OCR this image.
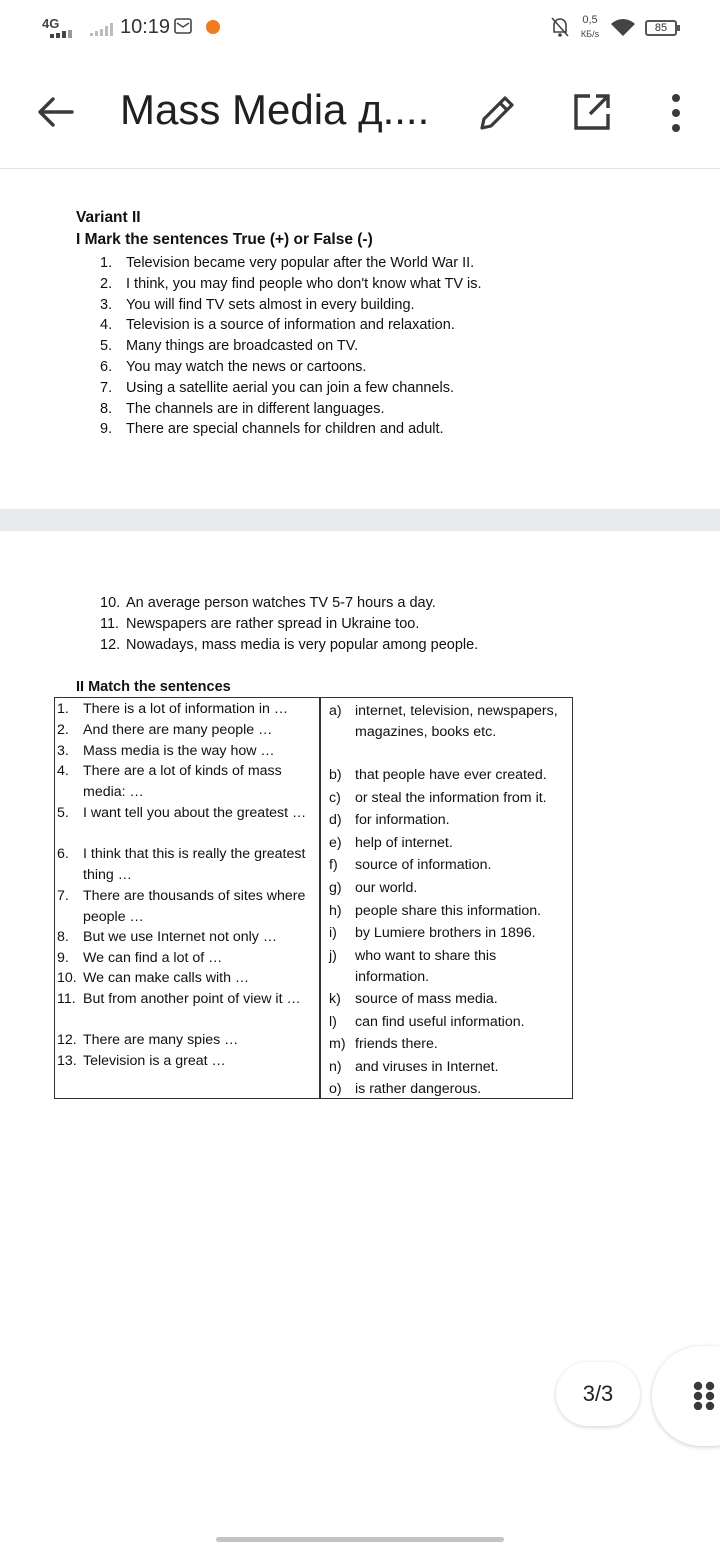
4G	10:19	0,5
КБ/s	85
Mass Media д....
Variant II
I Mark the sentences True (+) or False (-)
1. Television became very popular after the World War II.
2. I think, you may find people who don't know what TV is.
3. You will find TV sets almost in every building.
4. Television is a source of information and relaxation.
5. Many things are broadcasted on TV.
6. You may watch the news or cartoons.
7. Using a satellite aerial you can join a few channels.
8. The channels are in different languages.
9. There are special channels for children and adult.
10. An average person watches TV 5-7 hours a day.
11. Newspapers are rather spread in Ukraine too.
12. Nowadays, mass media is very popular among people.
II Match the sentences
1. There is a lot of information in …
2. And there are many people …
3. Mass media is the way how …
4. There are a lot of kinds of mass media: …
5. I want tell you about the greatest …
6. I think that this is really the greatest thing …
7. There are thousands of sites where people …
8. But we use Internet not only …
9. We can find a lot of …
10. We can make calls with …
11. But from another point of view it …
12. There are many spies …
13. Television is a great …
a) internet, television, newspapers, magazines, books etc.
b) that people have ever created.
c) or steal the information from it.
d) for information.
e) help of internet.
f) source of information.
g) our world.
h) people share this information.
i) by Lumiere brothers in 1896.
j) who want to share this information.
k) source of mass media.
l) can find useful information.
m) friends there.
n) and viruses in Internet.
o) is rather dangerous.
3/3
